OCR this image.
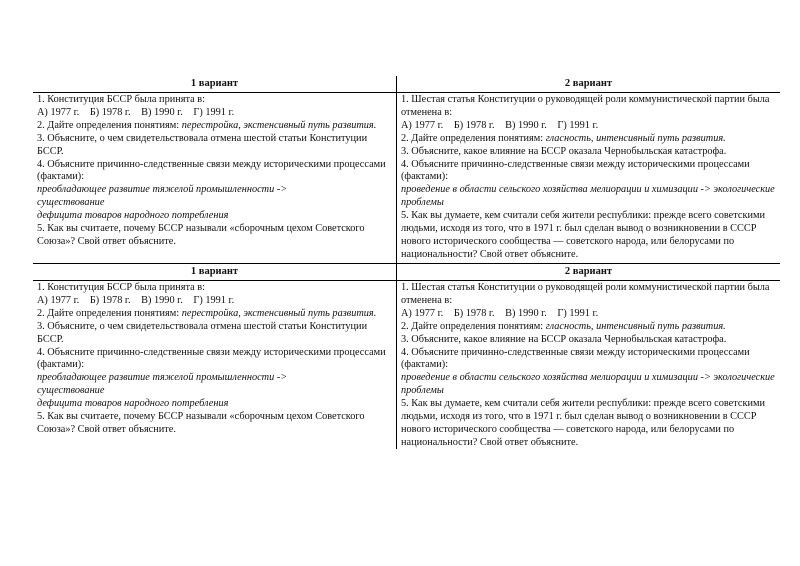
1 вариант	2 вариант

1. Конституция БССР была принята в:

А) 1977 г. Б) 1978 г. В) 1990 г. Г) 1991 г.

2. Дайте определения понятиям: перестройка, экстенсивный путь развития.

3. Объясните, о чем свидетельствовала отмена шестой статьи Конституции БССР.

4. Объясните причинно-следственные связи между историческими процессами (фактами):

преобладающее развитие тяжелой промышленности -> существование

дефицита товаров народного потребления

5. Как вы считаете, почему БССР называли «сборочным цехом Советского Союза»? Свой ответ объясните.

1. Шестая статья Конституции о руководящей роли коммунистической партии была отменена в:

А) 1977 г. Б) 1978 г. В) 1990 г. Г) 1991 г.

2. Дайте определения понятиям: гласность, интенсивный путь развития.

3. Объясните, какое влияние на БССР оказала Чернобыльская катастрофа.

4. Объясните причинно-следственные связи между историческими процессами (фактами):

проведение в области сельского хозяйства мелиорации и химизации -> экологические проблемы

5. Как вы думаете, кем считали себя жители республики: прежде всего советскими людьми, исходя из того, что в 1971 г. был сделан вывод о возникновении в СССР нового исторического сообщества — советского народа, или белорусами по национальности? Свой ответ объясните.

1 вариант	2 вариант

1. Конституция БССР была принята в:

А) 1977 г. Б) 1978 г. В) 1990 г. Г) 1991 г.

2. Дайте определения понятиям: перестройка, экстенсивный путь развития.

3. Объясните, о чем свидетельствовала отмена шестой статьи Конституции БССР.

4. Объясните причинно-следственные связи между историческими процессами (фактами):

преобладающее развитие тяжелой промышленности -> существование

дефицита товаров народного потребления

5. Как вы считаете, почему БССР называли «сборочным цехом Советского Союза»? Свой ответ объясните.

1. Шестая статья Конституции о руководящей роли коммунистической партии была отменена в:

А) 1977 г. Б) 1978 г. В) 1990 г. Г) 1991 г.

2. Дайте определения понятиям: гласность, интенсивный путь развития.

3. Объясните, какое влияние на БССР оказала Чернобыльская катастрофа.

4. Объясните причинно-следственные связи между историческими процессами (фактами):

проведение в области сельского хозяйства мелиорации и химизации -> экологические проблемы

5. Как вы думаете, кем считали себя жители республики: прежде всего советскими людьми, исходя из того, что в 1971 г. был сделан вывод о возникновении в СССР нового исторического сообщества — советского народа, или белорусами по национальности? Свой ответ объясните.
